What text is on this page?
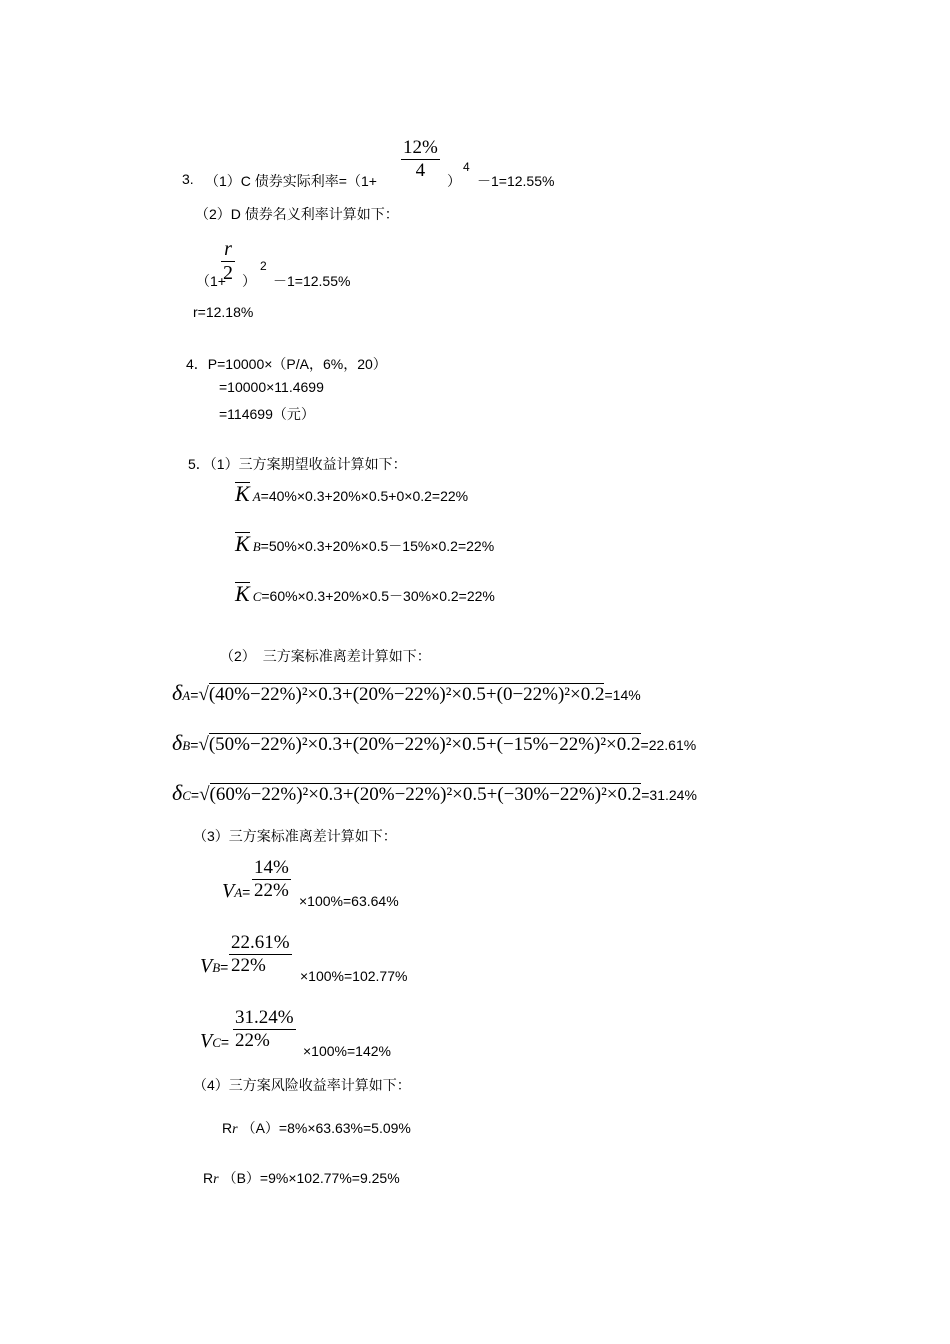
3. （1）C 债券实际利率$=(1+ \frac{12\%}{4}$ ）
4
－1=12.55%
（2）D 债券名义利率计算如下：
（1+
$\frac{r}{2}$ ）
2
－1=12.55%
r=12.18%
4．P=10000×（P/A，6%，20）
=10000×11.4699
=114699（元）
5．（1）三方案期望收益计算如下：
K A=40%×0.3+20%×0.5+0×0.2=22%
K B=50%×0.3+20%×0.5－15%×0.2=22%
K C=60%×0.3+20%×0.5－30%×0.2=22%
（2）　三方案标准离差计算如下：
δA=√(40%−22%)²×0.3+(20%−22%)²×0.5+(0−22%)²×0.2=14%
δB=√(50%−22%)²×0.3+(20%−22%)²×0.5+(−15%−22%)²×0.2=22.61%
δC=√(60%−22%)²×0.3+(20%−22%)²×0.5+(−30%−22%)²×0.2=31.24%
（3）三方案标准离差计算如下：
$VA= \frac{14\%}{22\%} \times 100\%=63.64\%$
$VB= \frac{22.61\%}{22\%} \times 100\%=102.77\%$
$VC= \frac{31.24\%}{22\%} \times 100\%=142\%$
（4）三方案风险收益率计算如下：
Rr （A）=8%×63.63%=5.09%
Rr （B）=9%×102.77%=9.25%
